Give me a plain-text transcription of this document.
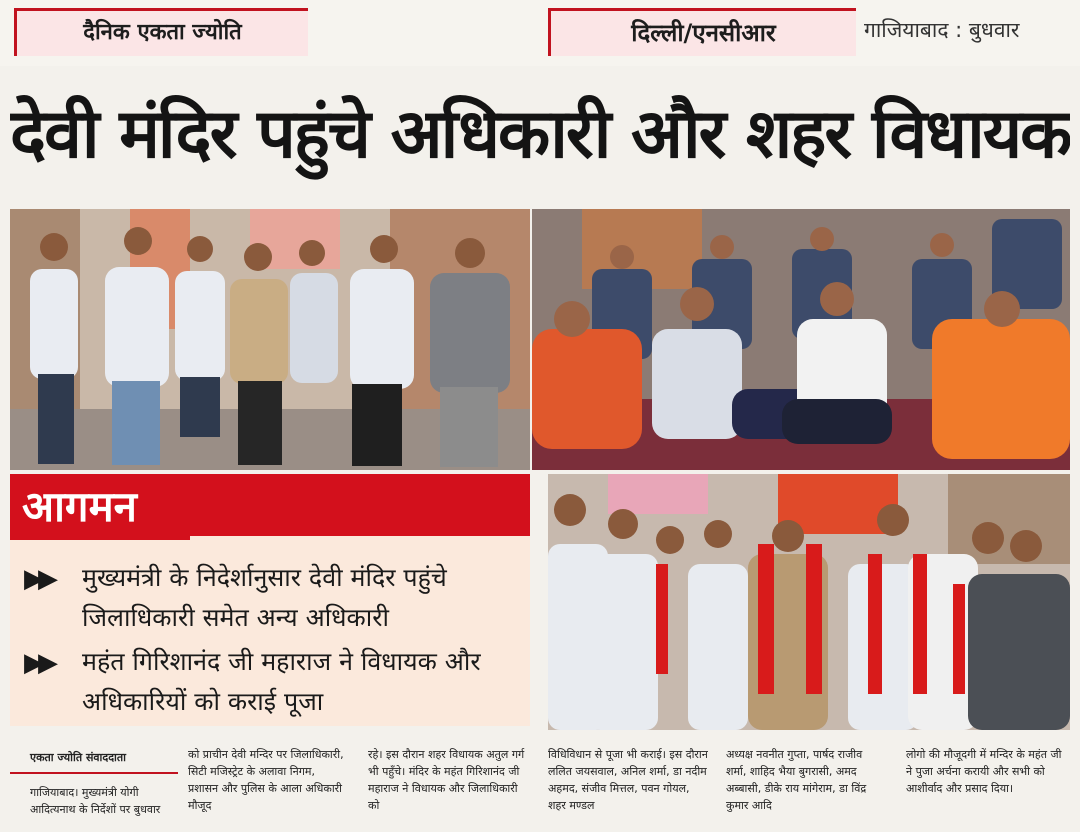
दैनिक एकता ज्योति	दिल्ली/एनसीआर	गाजियाबाद : बुधवार
देवी मंदिर पहुंचे अधिकारी और शहर विधायक
आगमन
▶▶ मुख्यमंत्री के निदेर्शानुसार देवी मंदिर पहुंचे जिलाधिकारी समेत अन्य अधिकारी
▶▶ महंत गिरिशानंद जी महाराज ने विधायक और अधिकारियों को कराई पूजा
एकता ज्योति संवाददाता
गाजियाबाद। मुख्यमंत्री योगी आदित्यनाथ के निर्देशों पर बुधवार
को प्राचीन देवी मन्दिर पर जिलाधिकारी, सिटी मजिस्ट्रेट के अलावा निगम, प्रशासन और पुलिस के आला अधिकारी मौजूद
रहे। इस दौरान शहर विधायक अतुल गर्ग भी पहुँचे। मंदिर के महंत गिरिशानंद जी महाराज ने विधायक और जिलाधिकारी को
विधिविधान से पूजा भी कराई। इस दौरान ललित जयसवाल, अनिल शर्मा, डा नदीम अहमद, संजीव मित्तल, पवन गोयल, शहर मण्डल
अध्यक्ष नवनीत गुप्ता, पार्षद राजीव शर्मा, शाहिद भैया बुगरासी, अमद अब्बासी, डीके राय मांगेराम, डा विंद्र कुमार आदि
लोगो की मौजूदगी में मन्दिर के महंत जी ने पुजा अर्चना करायी और सभी को आशीर्वाद और प्रसाद दिया।
